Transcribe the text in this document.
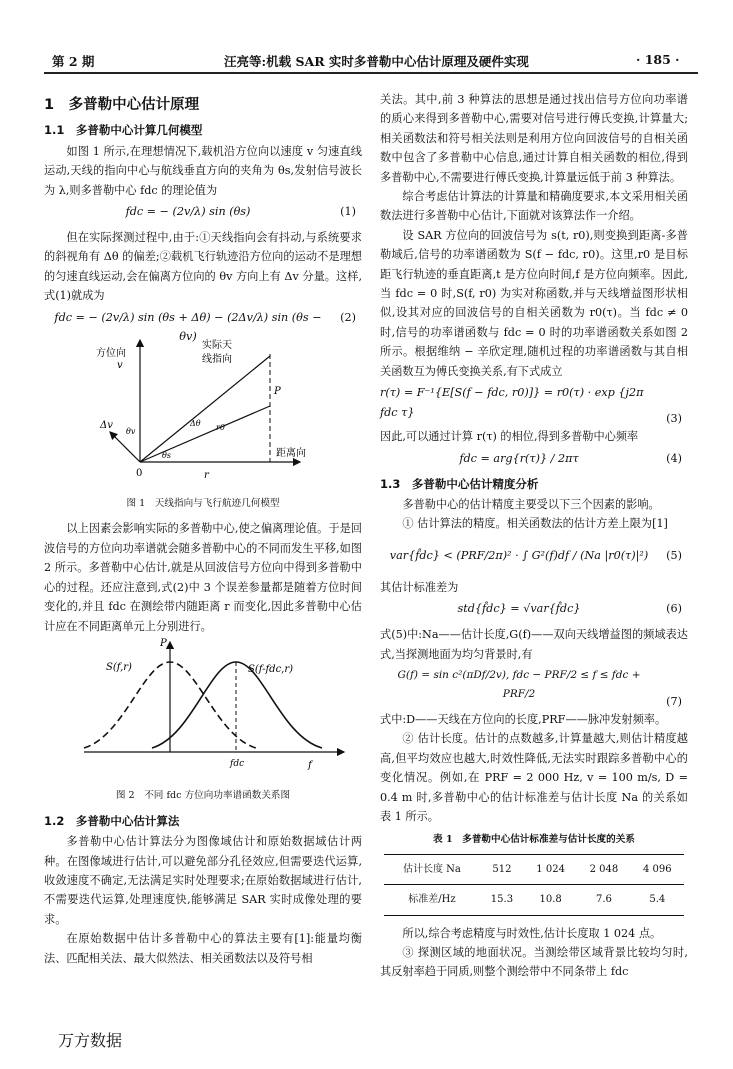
第 2 期	汪亮等:机载 SAR 实时多普勒中心估计原理及硬件实现	· 185 ·
1　多普勒中心估计原理
1.1　多普勒中心计算几何模型

如图 1 所示,在理想情况下,载机沿方位向以速度 v 匀速直线运动,天线的指向中心与航线垂直方向的夹角为 θs,发射信号波长为 λ,则多普勒中心 fdc 的理论值为

fdc = − (2v/λ) sin (θs)	(1)

但在实际探测过程中,由于:①天线指向会有抖动,与系统要求的斜视角有 Δθ 的偏差;②载机飞行轨迹沿方位向的运动不是理想的匀速直线运动,会在偏离方位向的 θv 方向上有 Δv 分量。这样,式(1)就成为

fdc = − (2v/λ) sin (θs + Δθ) − (2Δv/λ) sin (θs − θv)
(2)
方位向
v
实际天
线指向
P
Δv
θv
Δθ
θs
r0
0	r
距离向
图 1　天线指向与飞行航迹几何模型

以上因素会影响实际的多普勒中心,使之偏离理论值。于是回波信号的方位向功率谱就会随多普勒中心的不同而发生平移,如图 2 所示。多普勒中心估计,就是从回波信号方位向中得到多普勒中心的过程。还应注意到,式(2)中 3 个误差参量都是随着方位时间变化的,并且 fdc 在测绘带内随距离 r 而变化,因此多普勒中心估计应在不同距离单元上分别进行。

P
S(f,r)	S(f-fdc,r)
fdc	f
图 2　不同 fdc 方位向功率谱函数关系图
1.2　多普勒中心估计算法

多普勒中心估计算法分为图像域估计和原始数据域估计两种。在图像域进行估计,可以避免部分孔径效应,但需要迭代运算,收敛速度不确定,无法满足实时处理要求;在原始数据域进行估计,不需要迭代运算,处理速度快,能够满足 SAR 实时成像处理的要求。

在原始数据中估计多普勒中心的算法主要有[1]:能量均衡法、匹配相关法、最大似然法、相关函数法以及符号相

关法。其中,前 3 种算法的思想是通过找出信号方位向功率谱的质心来得到多普勒中心,需要对信号进行傅氏变换,计算量大;相关函数法和符号相关法则是利用方位向回波信号的自相关函数中包含了多普勒中心信息,通过计算自相关函数的相位,得到多普勒中心,不需要进行傅氏变换,计算量远低于前 3 种算法。

综合考虑估计算法的计算量和精确度要求,本文采用相关函数法进行多普勒中心估计,下面就对该算法作一介绍。

设 SAR 方位向的回波信号为 s(t, r0),则变换到距离-多普勒域后,信号的功率谱函数为 S(f − fdc, r0)。这里,r0 是目标距飞行轨迹的垂直距离,t 是方位向时间,f 是方位向频率。因此,当 fdc = 0 时,S(f, r0) 为实对称函数,并与天线增益图形状相似,设其对应的回波信号的自相关函数为 r0(τ)。当 fdc ≠ 0 时,信号的功率谱函数与 fdc = 0 时的功率谱函数关系如图 2 所示。根据维纳 − 辛欣定理,随机过程的功率谱函数与其自相关函数互为傅氏变换关系,有下式成立

r(τ) = F⁻¹{E[S(f − fdc, r0)]} = r0(τ) · exp {j2π fdc τ}
(3)

因此,可以通过计算 r(τ) 的相位,得到多普勒中心频率

fdc = arg{r(τ)} / 2πτ	(4)
1.3　多普勒中心估计精度分析

多普勒中心的估计精度主要受以下三个因素的影响。

① 估计算法的精度。相关函数法的估计方差上限为[1]

var{f̂dc} < (PRF/2π)² · ∫ G²(f)df / (Na |r0(τ)|²)	(5)

其估计标准差为

std{f̂dc} = √var{f̂dc}	(6)

式(5)中:Na——估计长度,G(f)——双向天线增益图的频域表达式,当探测地面为均匀背景时,有

G(f) = sin c²(πDf/2v), fdc − PRF/2 ≤ f ≤ fdc + PRF/2
(7)

式中:D——天线在方位向的长度,PRF——脉冲发射频率。

② 估计长度。估计的点数越多,计算量越大,则估计精度越高,但平均效应也越大,时效性降低,无法实时跟踪多普勒中心的变化情况。例如,在 PRF = 2 000 Hz, v = 100 m/s, D = 0.4 m 时,多普勒中心的估计标准差与估计长度 Na 的关系如表 1 所示。

表 1　多普勒中心估计标准差与估计长度的关系
估计长度 Na	512	1 024	2 048	4 096
标准差/Hz	15.3	10.8	7.6	5.4

所以,综合考虑精度与时效性,估计长度取 1 024 点。

③ 探测区域的地面状况。当测绘带区域背景比较均匀时,其反射率趋于同质,则整个测绘带中不同条带上 fdc

万方数据
